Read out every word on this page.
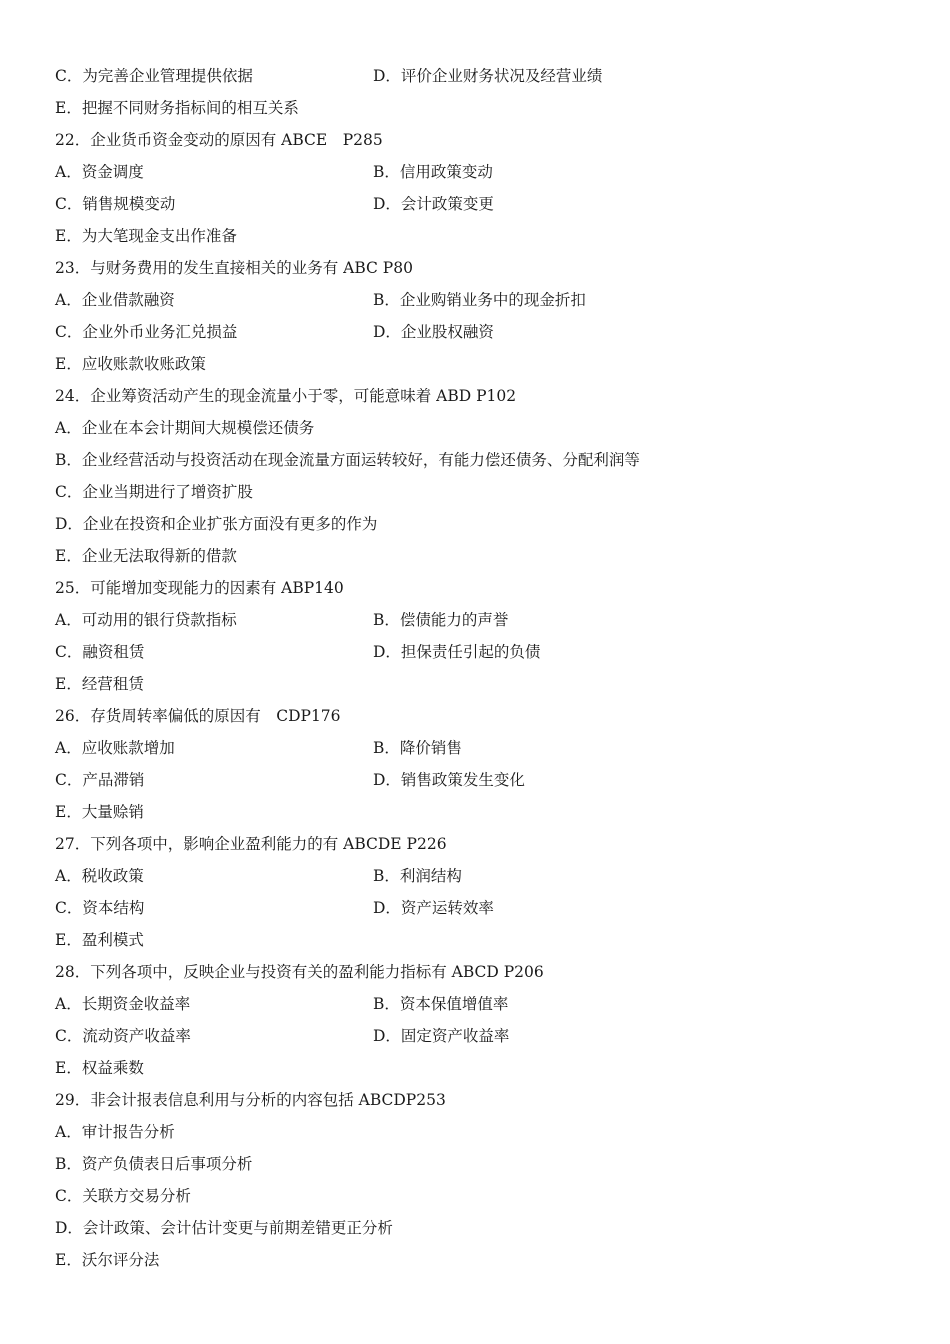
C．为完善企业管理提供依据	D．评价企业财务状况及经营业绩
E．把握不同财务指标间的相互关系
22．企业货币资金变动的原因有 ABCE　P285
A．资金调度	B．信用政策变动
C．销售规模变动	D．会计政策变更
E．为大笔现金支出作准备
23．与财务费用的发生直接相关的业务有 ABC P80
A．企业借款融资	B．企业购销业务中的现金折扣
C．企业外币业务汇兑损益	D．企业股权融资
E．应收账款收账政策
24．企业筹资活动产生的现金流量小于零，可能意味着 ABD P102
A．企业在本会计期间大规模偿还债务
B．企业经营活动与投资活动在现金流量方面运转较好，有能力偿还债务、分配利润等
C．企业当期进行了增资扩股
D．企业在投资和企业扩张方面没有更多的作为
E．企业无法取得新的借款
25．可能增加变现能力的因素有 ABP140
A．可动用的银行贷款指标	B．偿债能力的声誉
C．融资租赁	D．担保责任引起的负债
E．经营租赁
26．存货周转率偏低的原因有　CDP176
A．应收账款增加	B．降价销售
C．产品滞销	D．销售政策发生变化
E．大量赊销
27．下列各项中，影响企业盈利能力的有 ABCDE P226
A．税收政策	B．利润结构
C．资本结构	D．资产运转效率
E．盈利模式
28．下列各项中，反映企业与投资有关的盈利能力指标有 ABCD P206
A．长期资金收益率	B．资本保值增值率
C．流动资产收益率	D．固定资产收益率
E．权益乘数
29．非会计报表信息利用与分析的内容包括 ABCDP253
A．审计报告分析
B．资产负债表日后事项分析
C．关联方交易分析
D．会计政策、会计估计变更与前期差错更正分析
E．沃尔评分法
